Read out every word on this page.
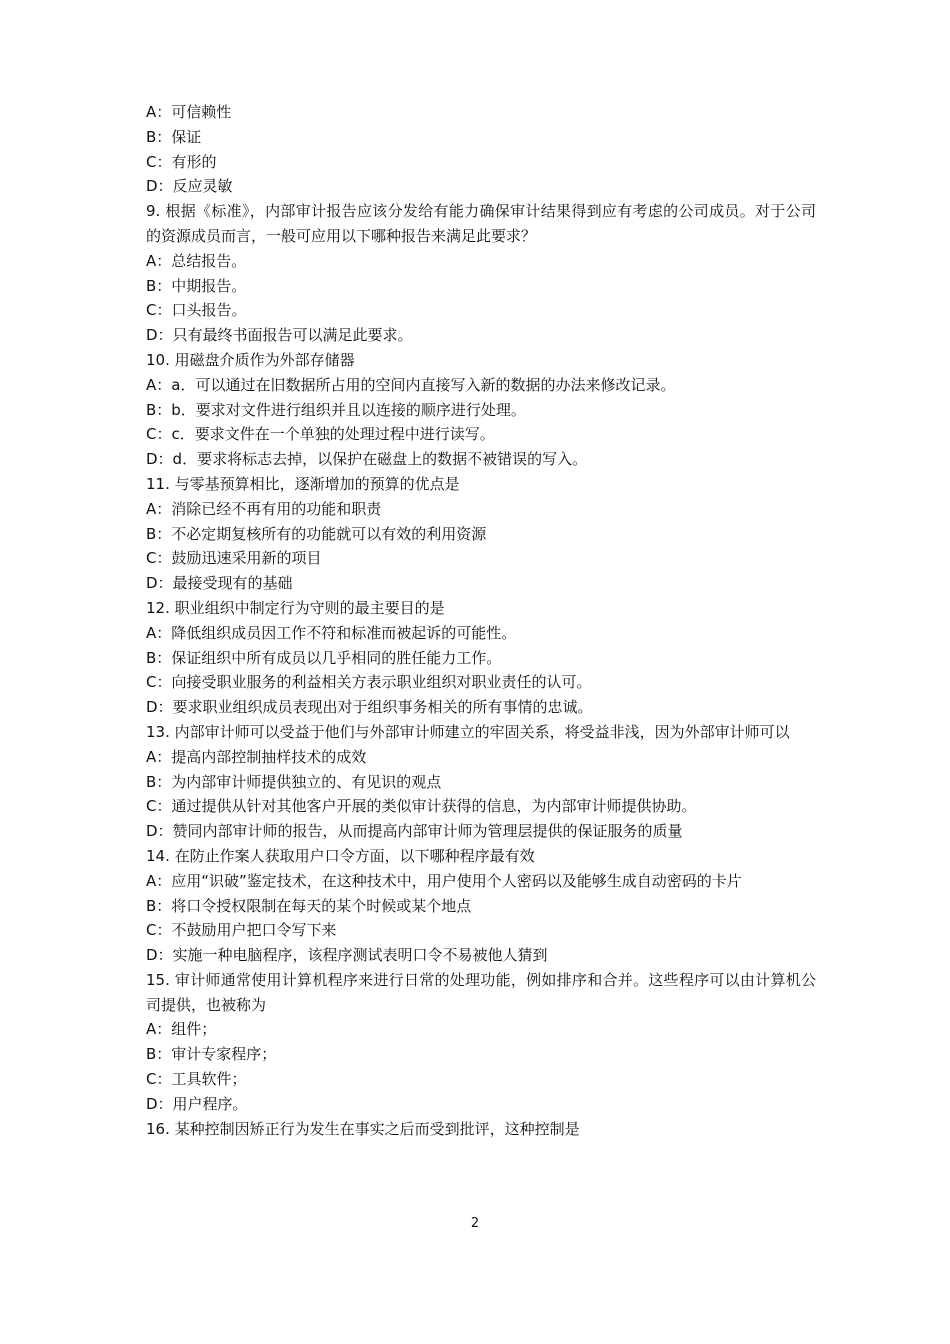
A：可信赖性
B：保证
C：有形的
D：反应灵敏
9. 根据《标准》，内部审计报告应该分发给有能力确保审计结果得到应有考虑的公司成员。对于公司的资源成员而言，一般可应用以下哪种报告来满足此要求？
A：总结报告。
B：中期报告。
C：口头报告。
D：只有最终书面报告可以满足此要求。
10. 用磁盘介质作为外部存储器
A：a．可以通过在旧数据所占用的空间内直接写入新的数据的办法来修改记录。
B：b．要求对文件进行组织并且以连接的顺序进行处理。
C：c．要求文件在一个单独的处理过程中进行读写。
D：d．要求将标志去掉，以保护在磁盘上的数据不被错误的写入。
11. 与零基预算相比，逐渐增加的预算的优点是
A：消除已经不再有用的功能和职责
B：不必定期复核所有的功能就可以有效的利用资源
C：鼓励迅速采用新的项目
D：最接受现有的基础
12. 职业组织中制定行为守则的最主要目的是
A：降低组织成员因工作不符和标准而被起诉的可能性。
B：保证组织中所有成员以几乎相同的胜任能力工作。
C：向接受职业服务的利益相关方表示职业组织对职业责任的认可。
D：要求职业组织成员表现出对于组织事务相关的所有事情的忠诚。
13. 内部审计师可以受益于他们与外部审计师建立的牢固关系，将受益非浅，因为外部审计师可以
A：提高内部控制抽样技术的成效
B：为内部审计师提供独立的、有见识的观点
C：通过提供从针对其他客户开展的类似审计获得的信息，为内部审计师提供协助。
D：赞同内部审计师的报告，从而提高内部审计师为管理层提供的保证服务的质量
14. 在防止作案人获取用户口令方面，以下哪种程序最有效
A：应用“识破”鉴定技术，在这种技术中，用户使用个人密码以及能够生成自动密码的卡片
B：将口令授权限制在每天的某个时候或某个地点
C：不鼓励用户把口令写下来
D：实施一种电脑程序，该程序测试表明口令不易被他人猜到
15. 审计师通常使用计算机程序来进行日常的处理功能，例如排序和合并。这些程序可以由计算机公司提供，也被称为
A：组件；
B：审计专家程序；
C：工具软件；
D：用户程序。
16. 某种控制因矫正行为发生在事实之后而受到批评，这种控制是
2
